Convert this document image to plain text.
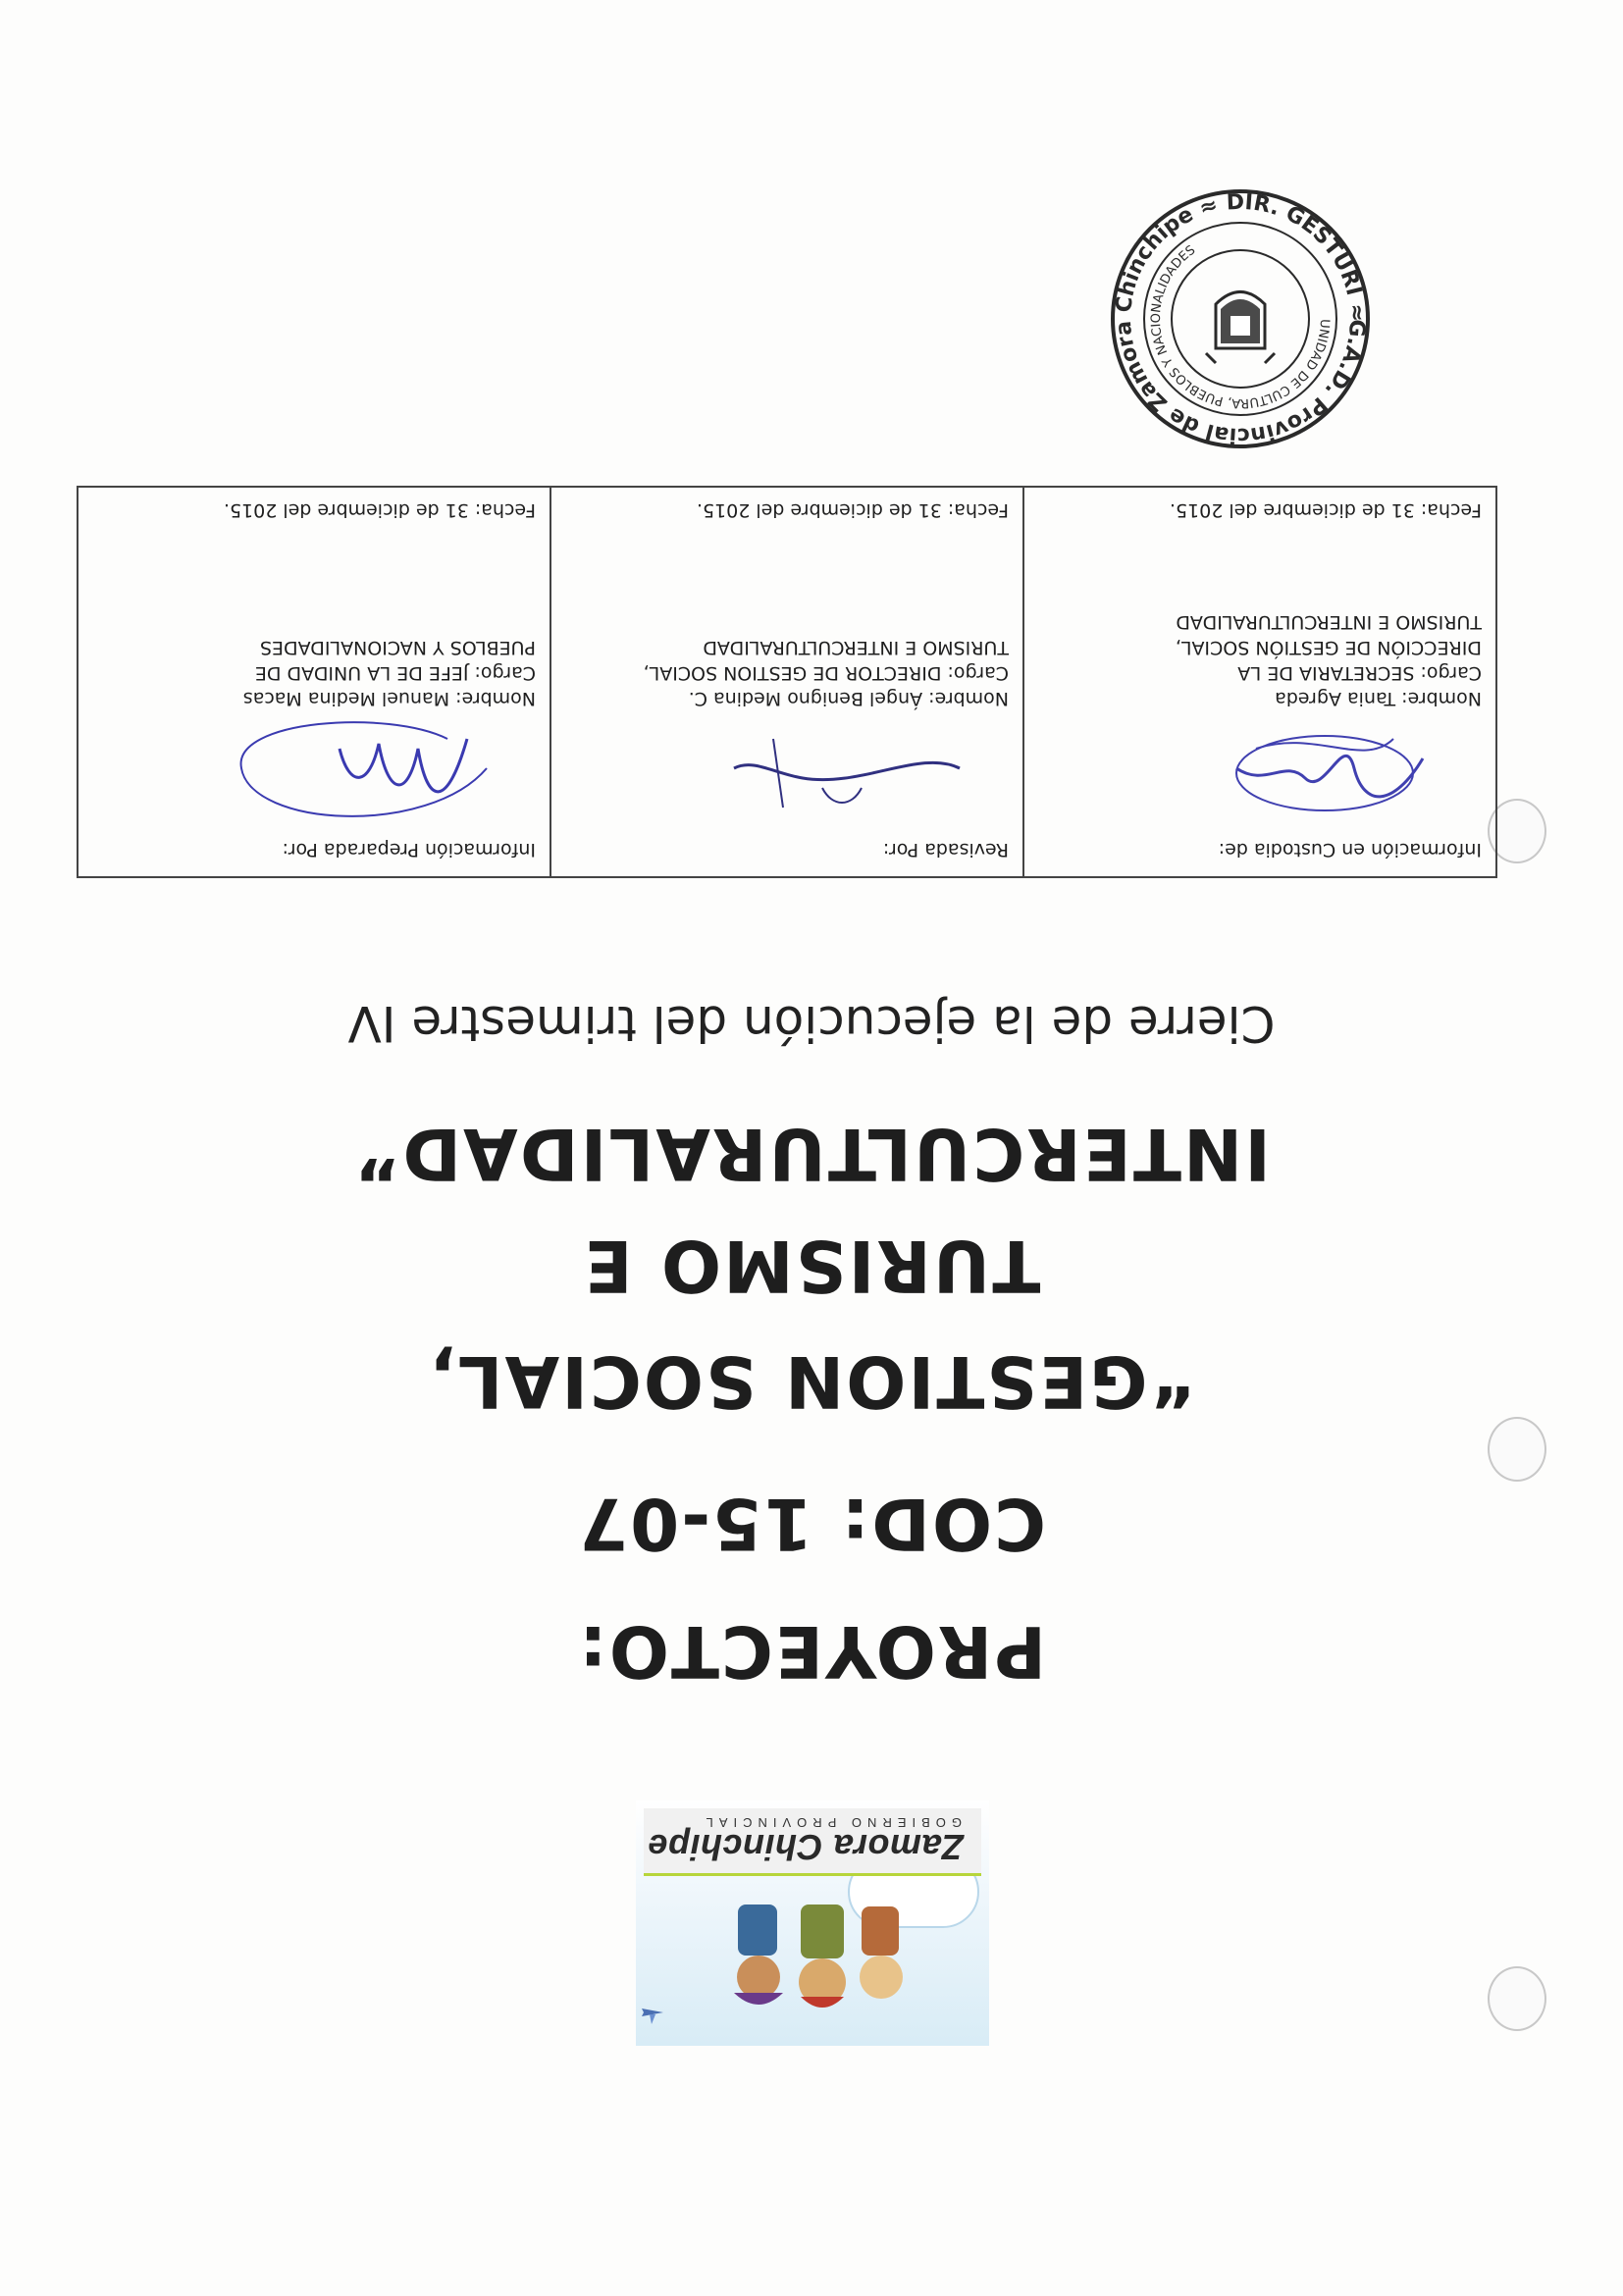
Zamora Chinchipe
GOBIERNO PROVINCIAL
PROYECTO:
COD: 15-07
“GESTION SOCIAL,
TURISMO E
INTERCULTURALIDAD”
Cierre de la ejecución del trimestre IV
Información en Custodia de:
Nombre: Tania Agreda
Cargo: SECRETARIA DE LA
DIRECCIÓN DE GESTIÓN SOCIAL,
TURISMO E INTERCULTURALIDAD
Fecha: 31 de diciembre del 2015.
Revisada Por:
Nombre: Ángel Benigno Medina C.
Cargo: DIRECTOR DE GESTION SOCIAL,
TURISMO E INTERCULTURALIDAD
Fecha: 31 de diciembre del 2015.
Información Preparada Por:
Nombre: Manuel Medina Macas
Cargo: JEFE DE LA UNIDAD DE
PUEBLOS Y NACIONALIDADES
Fecha: 31 de diciembre del 2015.
G.A.D. Provincial de Zamora Chinchipe ≈ DIR. GESTURI ≈
UNIDAD DE CULTURA, PUEBLOS Y NACIONALIDADES
